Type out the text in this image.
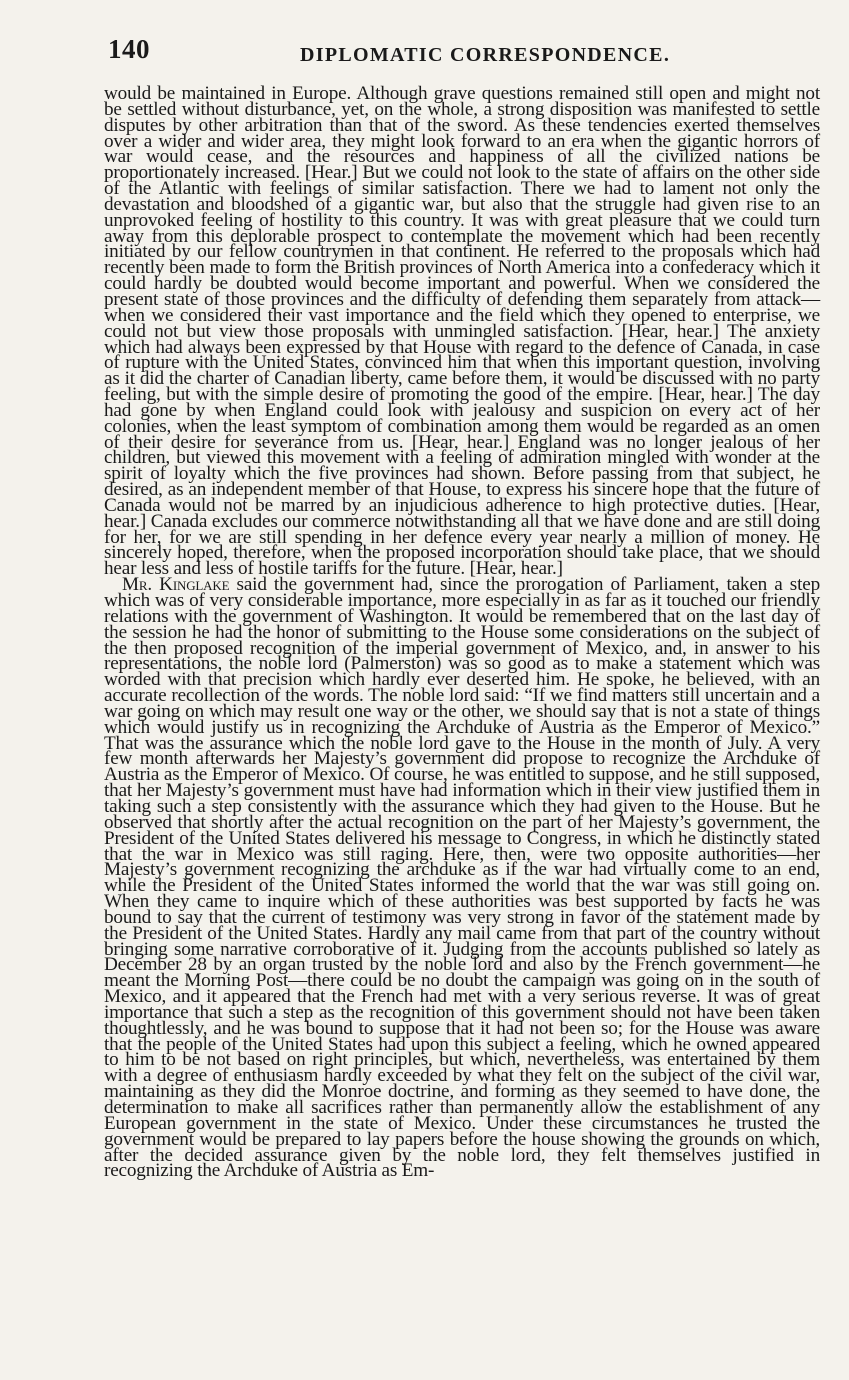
140	DIPLOMATIC CORRESPONDENCE.

would be maintained in Europe. Although grave questions remained still open and might not be settled without disturbance, yet, on the whole, a strong disposition was manifested to settle disputes by other arbitration than that of the sword. As these tendencies exerted themselves over a wider and wider area, they might look forward to an era when the gigantic horrors of war would cease, and the resources and happiness of all the civilized nations be proportionately increased. [Hear.] But we could not look to the state of affairs on the other side of the Atlantic with feelings of similar satisfaction. There we had to lament not only the devastation and bloodshed of a gigantic war, but also that the struggle had given rise to an unprovoked feeling of hostility to this country. It was with great pleasure that we could turn away from this deplorable prospect to contemplate the movement which had been recently initiated by our fellow countrymen in that continent. He referred to the proposals which had recently been made to form the British provinces of North America into a confederacy which it could hardly be doubted would become important and powerful. When we considered the present state of those provinces and the difficulty of defending them separately from attack—when we considered their vast importance and the field which they opened to enterprise, we could not but view those proposals with unmingled satisfaction. [Hear, hear.] The anxiety which had always been expressed by that House with regard to the defence of Canada, in case of rupture with the United States, convinced him that when this important question, involving as it did the charter of Canadian liberty, came before them, it would be discussed with no party feeling, but with the simple desire of promoting the good of the empire. [Hear, hear.] The day had gone by when England could look with jealousy and suspicion on every act of her colonies, when the least symptom of combination among them would be regarded as an omen of their desire for severance from us. [Hear, hear.] England was no longer jealous of her children, but viewed this movement with a feeling of admiration mingled with wonder at the spirit of loyalty which the five provinces had shown. Before passing from that subject, he desired, as an independent member of that House, to express his sincere hope that the future of Canada would not be marred by an injudicious adherence to high protective duties. [Hear, hear.] Canada excludes our commerce notwithstanding all that we have done and are still doing for her, for we are still spending in her defence every year nearly a million of money. He sincerely hoped, therefore, when the proposed incorporation should take place, that we should hear less and less of hostile tariffs for the future. [Hear, hear.]

Mr. Kinglake said the government had, since the prorogation of Parliament, taken a step which was of very considerable importance, more especially in as far as it touched our friendly relations with the government of Washington. It would be remembered that on the last day of the session he had the honor of submitting to the House some considerations on the subject of the then proposed recognition of the imperial government of Mexico, and, in answer to his representations, the noble lord (Palmerston) was so good as to make a statement which was worded with that precision which hardly ever deserted him. He spoke, he believed, with an accurate recollection of the words. The noble lord said: “If we find matters still uncertain and a war going on which may result one way or the other, we should say that is not a state of things which would justify us in recognizing the Archduke of Austria as the Emperor of Mexico.” That was the assurance which the noble lord gave to the House in the month of July. A very few month afterwards her Majesty’s government did propose to recognize the Archduke of Austria as the Emperor of Mexico. Of course, he was entitled to suppose, and he still supposed, that her Majesty’s government must have had information which in their view justified them in taking such a step consistently with the assurance which they had given to the House. But he observed that shortly after the actual recognition on the part of her Majesty’s government, the President of the United States delivered his message to Congress, in which he distinctly stated that the war in Mexico was still raging. Here, then, were two opposite authorities—her Majesty’s government recognizing the archduke as if the war had virtually come to an end, while the President of the United States informed the world that the war was still going on. When they came to inquire which of these authorities was best supported by facts he was bound to say that the current of testimony was very strong in favor of the statement made by the President of the United States. Hardly any mail came from that part of the country without bringing some narrative corroborative of it. Judging from the accounts published so lately as December 28 by an organ trusted by the noble lord and also by the French government—he meant the Morning Post—there could be no doubt the campaign was going on in the south of Mexico, and it appeared that the French had met with a very serious reverse. It was of great importance that such a step as the recognition of this government should not have been taken thoughtlessly, and he was bound to suppose that it had not been so; for the House was aware that the people of the United States had upon this subject a feeling, which he owned appeared to him to be not based on right principles, but which, nevertheless, was entertained by them with a degree of enthusiasm hardly exceeded by what they felt on the subject of the civil war, maintaining as they did the Monroe doctrine, and forming as they seemed to have done, the determination to make all sacrifices rather than permanently allow the establishment of any European government in the state of Mexico. Under these circumstances he trusted the government would be prepared to lay papers before the house showing the grounds on which, after the decided assurance given by the noble lord, they felt themselves justified in recognizing the Archduke of Austria as Em-
